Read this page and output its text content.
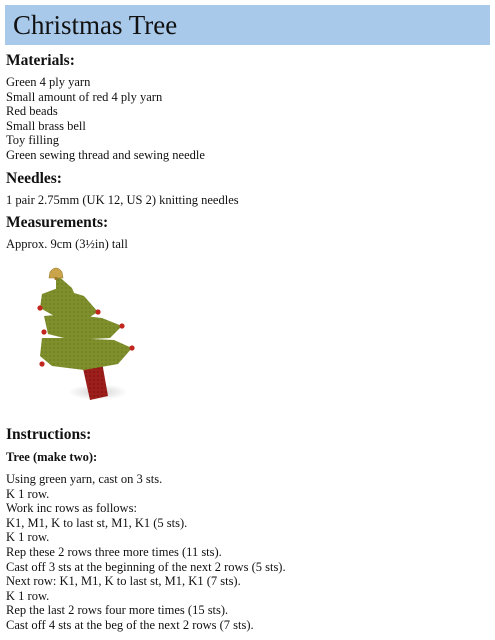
Christmas Tree
Materials:
Green 4 ply yarn
Small amount of red 4 ply yarn
Red beads
Small brass bell
Toy filling
Green sewing thread and sewing needle
Needles:
1 pair 2.75mm (UK 12, US 2) knitting needles
Measurements:
Approx. 9cm (3½in) tall
Instructions:
Tree (make two):
Using green yarn, cast on 3 sts.
K 1 row.
Work inc rows as follows:
K1, M1, K to last st, M1, K1 (5 sts).
K 1 row.
Rep these 2 rows three more times (11 sts).
Cast off 3 sts at the beginning of the next 2 rows (5 sts).
Next row: K1, M1, K to last st, M1, K1 (7 sts).
K 1 row.
Rep the last 2 rows four more times (15 sts).
Cast off 4 sts at the beg of the next 2 rows (7 sts).
